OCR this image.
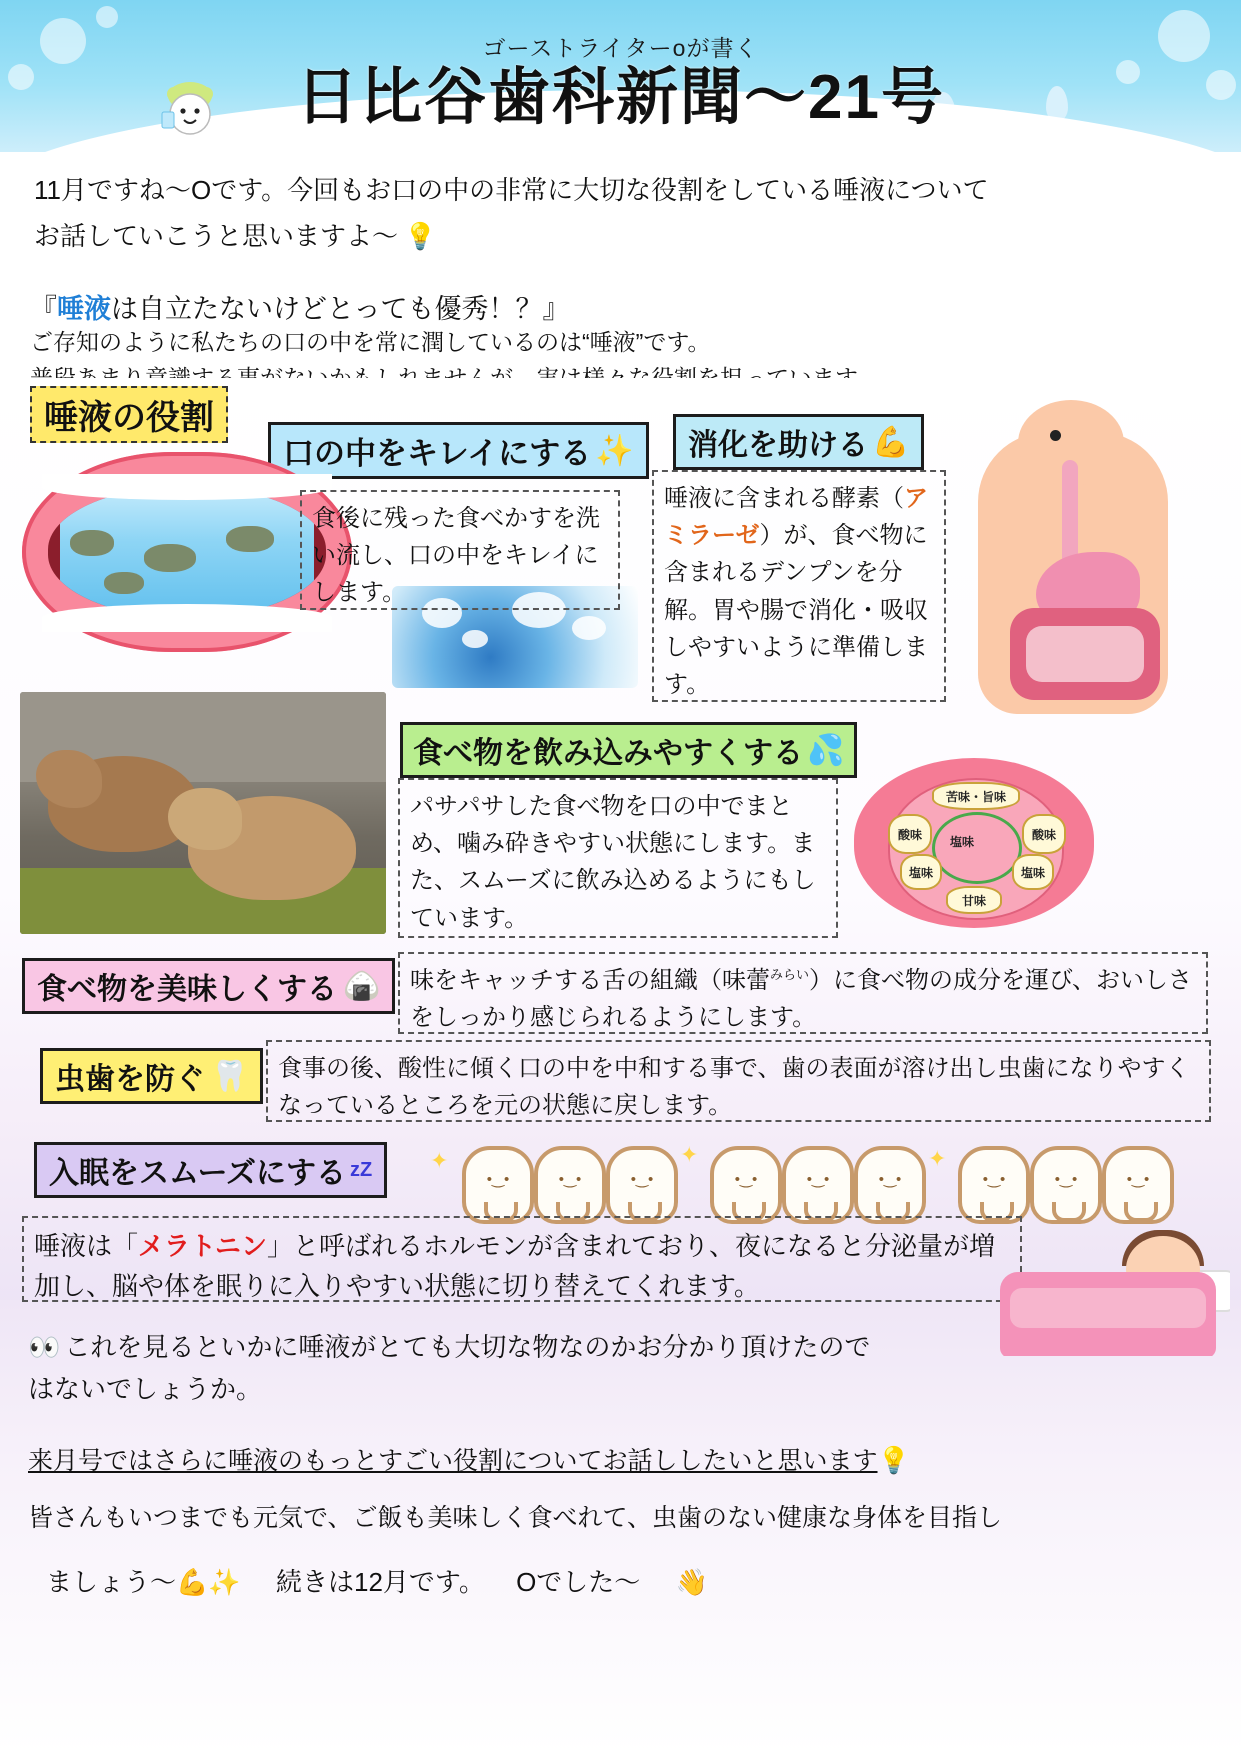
ゴーストライターoが書く
日比谷歯科新聞〜21号
11月ですね〜Oです。今回もお口の中の非常に大切な役割をしている唾液について
お話していこうと思いますよ〜 💡
『唾液は自立たないけどとっても優秀！？』
ご存知のように私たちの口の中を常に潤しているのは“唾液”です。
唾液の役割
口の中をキレイにする ✨
食後に残った食べかすを洗い流し、口の中をキレイにします。
消化を助ける 💪
唾液に含まれる酵素（アミラーゼ）が、食べ物に含まれるデンプンを分解。胃や腸で消化・吸収しやすいように準備します。
食べ物を飲み込みやすくする 💦
パサパサした食べ物を口の中でまとめ、噛み砕きやすい状態にします。また、スムーズに飲み込めるようにもしています。
食べ物を美味しくする 🍙	味をキャッチする舌の組織（味蕾$^{みらい}$）に食べ物の成分を運び、おいしさをしっかり感じられるようにします。
苦味・旨味
酸味	酸味
塩味
塩味	塩味
甘味
虫歯を防ぐ 🦷	食事の後、酸性に傾く口の中を中和する事で、歯の表面が溶け出し虫歯になりやすくなっているところを元の状態に戻します。
入眠をスムーズにする zZ	✦
•‿•	•‿•	•‿•
✦
•‿•	•‿•	•‿•
✦
•‿•	•‿•	•‿•
唾液は「メラトニン」と呼ばれるホルモンが含まれており、夜になると分泌量が増加し、脳や体を眠りに入りやすい状態に切り替えてくれます。
👀 これを見るといかに唾液がとても大切な物なのかお分かり頂けたので
はないでしょうか。
来月号ではさらに唾液のもっとすごい役割についてお話ししたいと思います💡
皆さんもいつまでも元気で、ご飯も美味しく食べれて、虫歯のない健康な身体を目指し
ましょう〜💪✨ 続きは12月です。 Oでした〜 👋
